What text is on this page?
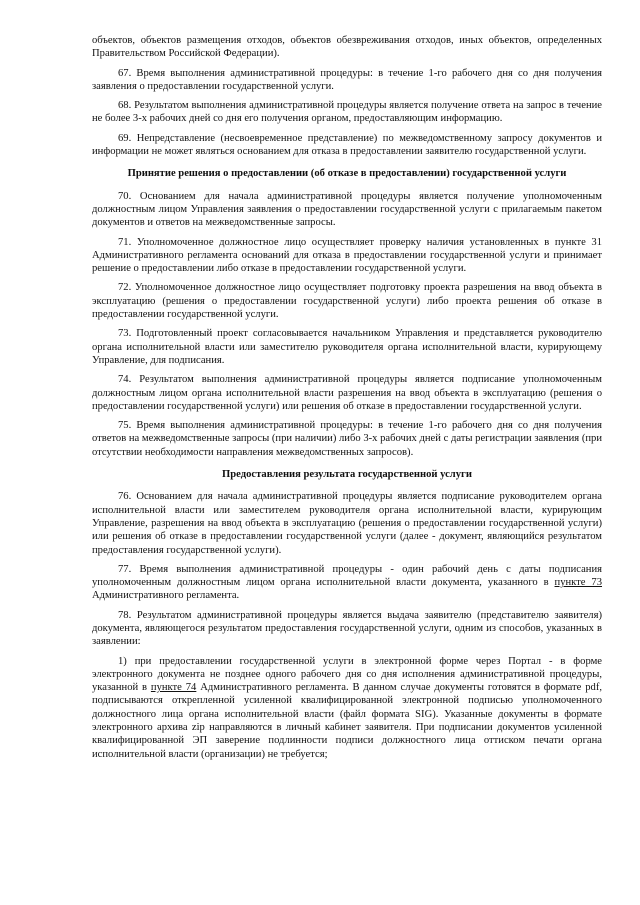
объектов, объектов размещения отходов, объектов обезвреживания отходов, иных объектов, определенных Правительством Российской Федерации).

67. Время выполнения административной процедуры: в течение 1-го рабочего дня со дня получения заявления о предоставлении государственной услуги.

68. Результатом выполнения административной процедуры является получение ответа на запрос в течение не более 3-х рабочих дней со дня его получения органом, предоставляющим информацию.

69. Непредставление (несвоевременное представление) по межведомственному запросу документов и информации не может являться основанием для отказа в предоставлении заявителю государственной услуги.

Принятие решения о предоставлении (об отказе в предоставлении) государственной услуги

70. Основанием для начала административной процедуры является получение уполномоченным должностным лицом Управления заявления о предоставлении государственной услуги с прилагаемым пакетом документов и ответов на межведомственные запросы.

71. Уполномоченное должностное лицо осуществляет проверку наличия установленных в пункте 31 Административного регламента оснований для отказа в предоставлении государственной услуги и принимает решение о предоставлении либо отказе в предоставлении государственной услуги.

72. Уполномоченное должностное лицо осуществляет подготовку проекта разрешения на ввод объекта в эксплуатацию (решения о предоставлении государственной услуги) либо проекта решения об отказе в предоставлении государственной услуги.

73. Подготовленный проект согласовывается начальником Управления и представляется руководителю органа исполнительной власти или заместителю руководителя органа исполнительной власти, курирующему Управление, для подписания.

74. Результатом выполнения административной процедуры является подписание уполномоченным должностным лицом органа исполнительной власти разрешения на ввод объекта в эксплуатацию (решения о предоставлении государственной услуги) или решения об отказе в предоставлении государственной услуги.

75. Время выполнения административной процедуры: в течение 1-го рабочего дня со дня получения ответов на межведомственные запросы (при наличии) либо 3-х рабочих дней с даты регистрации заявления (при отсутствии необходимости направления межведомственных запросов).

Предоставления результата государственной услуги

76. Основанием для начала административной процедуры является подписание руководителем органа исполнительной власти или заместителем руководителя органа исполнительной власти, курирующим Управление, разрешения на ввод объекта в эксплуатацию (решения о предоставлении государственной услуги) или решения об отказе в предоставлении государственной услуги (далее - документ, являющийся результатом предоставления государственной услуги).

77. Время выполнения административной процедуры - один рабочий день с даты подписания уполномоченным должностным лицом органа исполнительной власти документа, указанного в пункте 73 Административного регламента.

78. Результатом административной процедуры является выдача заявителю (представителю заявителя) документа, являющегося результатом предоставления государственной услуги, одним из способов, указанных в заявлении:

1) при предоставлении государственной услуги в электронной форме через Портал - в форме электронного документа не позднее одного рабочего дня со дня исполнения административной процедуры, указанной в пункте 74 Административного регламента. В данном случае документы готовятся в формате pdf, подписываются открепленной усиленной квалифицированной электронной подписью уполномоченного должностного лица органа исполнительной власти (файл формата SIG). Указанные документы в формате электронного архива zip направляются в личный кабинет заявителя. При подписании документов усиленной квалифицированной ЭП заверение подлинности подписи должностного лица оттиском печати органа исполнительной власти (организации) не требуется;
